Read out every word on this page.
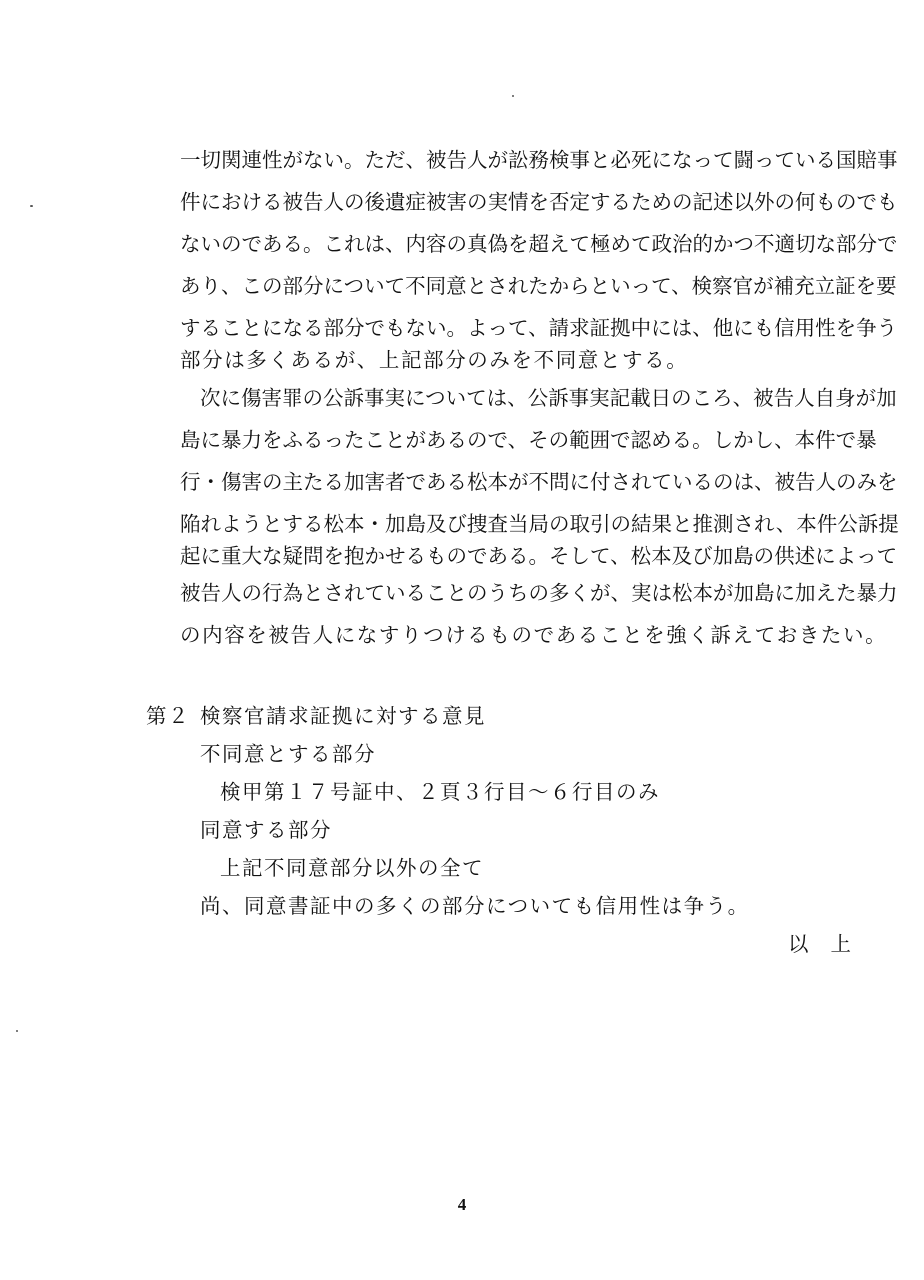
一切関連性がない。ただ、被告人が訟務検事と必死になって闘っている国賠事
件における被告人の後遺症被害の実情を否定するための記述以外の何ものでも
ないのである。これは、内容の真偽を超えて極めて政治的かつ不適切な部分で
あり、この部分について不同意とされたからといって、検察官が補充立証を要
することになる部分でもない。よって、請求証拠中には、他にも信用性を争う
部分は多くあるが、上記部分のみを不同意とする。
次に傷害罪の公訴事実については、公訴事実記載日のころ、被告人自身が加
島に暴力をふるったことがあるので、その範囲で認める。しかし、本件で暴
行・傷害の主たる加害者である松本が不問に付されているのは、被告人のみを
陥れようとする松本・加島及び捜査当局の取引の結果と推測され、本件公訴提
起に重大な疑問を抱かせるものである。そして、松本及び加島の供述によって
被告人の行為とされていることのうちの多くが、実は松本が加島に加えた暴力
の内容を被告人になすりつけるものであることを強く訴えておきたい。
第２ 検察官請求証拠に対する意見
不同意とする部分
検甲第１７号証中、２頁３行目～６行目のみ
同意する部分
上記不同意部分以外の全て
尚、同意書証中の多くの部分についても信用性は争う。
以 上
4
